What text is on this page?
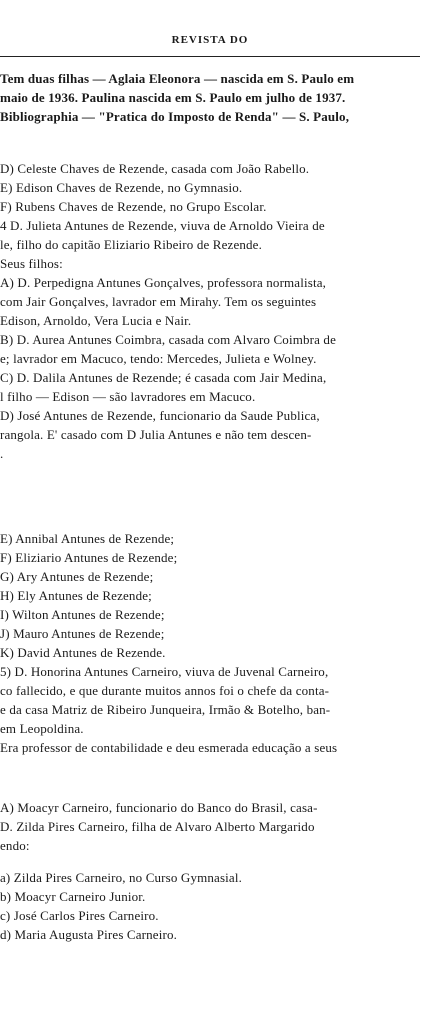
REVISTA DO
Tem duas filhas — Aglaia Eleonora — nascida em S. Paulo em
maio de 1936. Paulina nascida em S. Paulo em julho de 1937.
Bibliographia — "Pratica do Imposto de Renda" — S. Paulo,
D) Celeste Chaves de Rezende, casada com João Rabello.
E) Edison Chaves de Rezende, no Gymnasio.
F) Rubens Chaves de Rezende, no Grupo Escolar.
4 D. Julieta Antunes de Rezende, viuva de Arnoldo Vieira de
le, filho do capitão Eliziario Ribeiro de Rezende.
Seus filhos:
A) D. Perpedigna Antunes Gonçalves, professora normalista,
com Jair Gonçalves, lavrador em Mirahy. Tem os seguintes
Edison, Arnoldo, Vera Lucia e Nair.
B) D. Aurea Antunes Coimbra, casada com Alvaro Coimbra de
e; lavrador em Macuco, tendo: Mercedes, Julieta e Wolney.
C) D. Dalila Antunes de Rezende; é casada com Jair Medina,
l filho — Edison — são lavradores em Macuco.
D) José Antunes de Rezende, funcionario da Saude Publica,
rangola. E' casado com D Julia Antunes e não tem descen-
.
E) Annibal Antunes de Rezende;
F) Eliziario Antunes de Rezende;
G) Ary Antunes de Rezende;
H) Ely Antunes de Rezende;
I) Wilton Antunes de Rezende;
J) Mauro Antunes de Rezende;
K) David Antunes de Rezende.
5) D. Honorina Antunes Carneiro, viuva de Juvenal Carneiro,
co fallecido, e que durante muitos annos foi o chefe da conta-
e da casa Matriz de Ribeiro Junqueira, Irmão & Botelho, ban-
em Leopoldina.
Era professor de contabilidade e deu esmerada educação a seus
A) Moacyr Carneiro, funcionario do Banco do Brasil, casa-
D. Zilda Pires Carneiro, filha de Alvaro Alberto Margarido
endo:
a) Zilda Pires Carneiro, no Curso Gymnasial.
b) Moacyr Carneiro Junior.
c) José Carlos Pires Carneiro.
d) Maria Augusta Pires Carneiro.
